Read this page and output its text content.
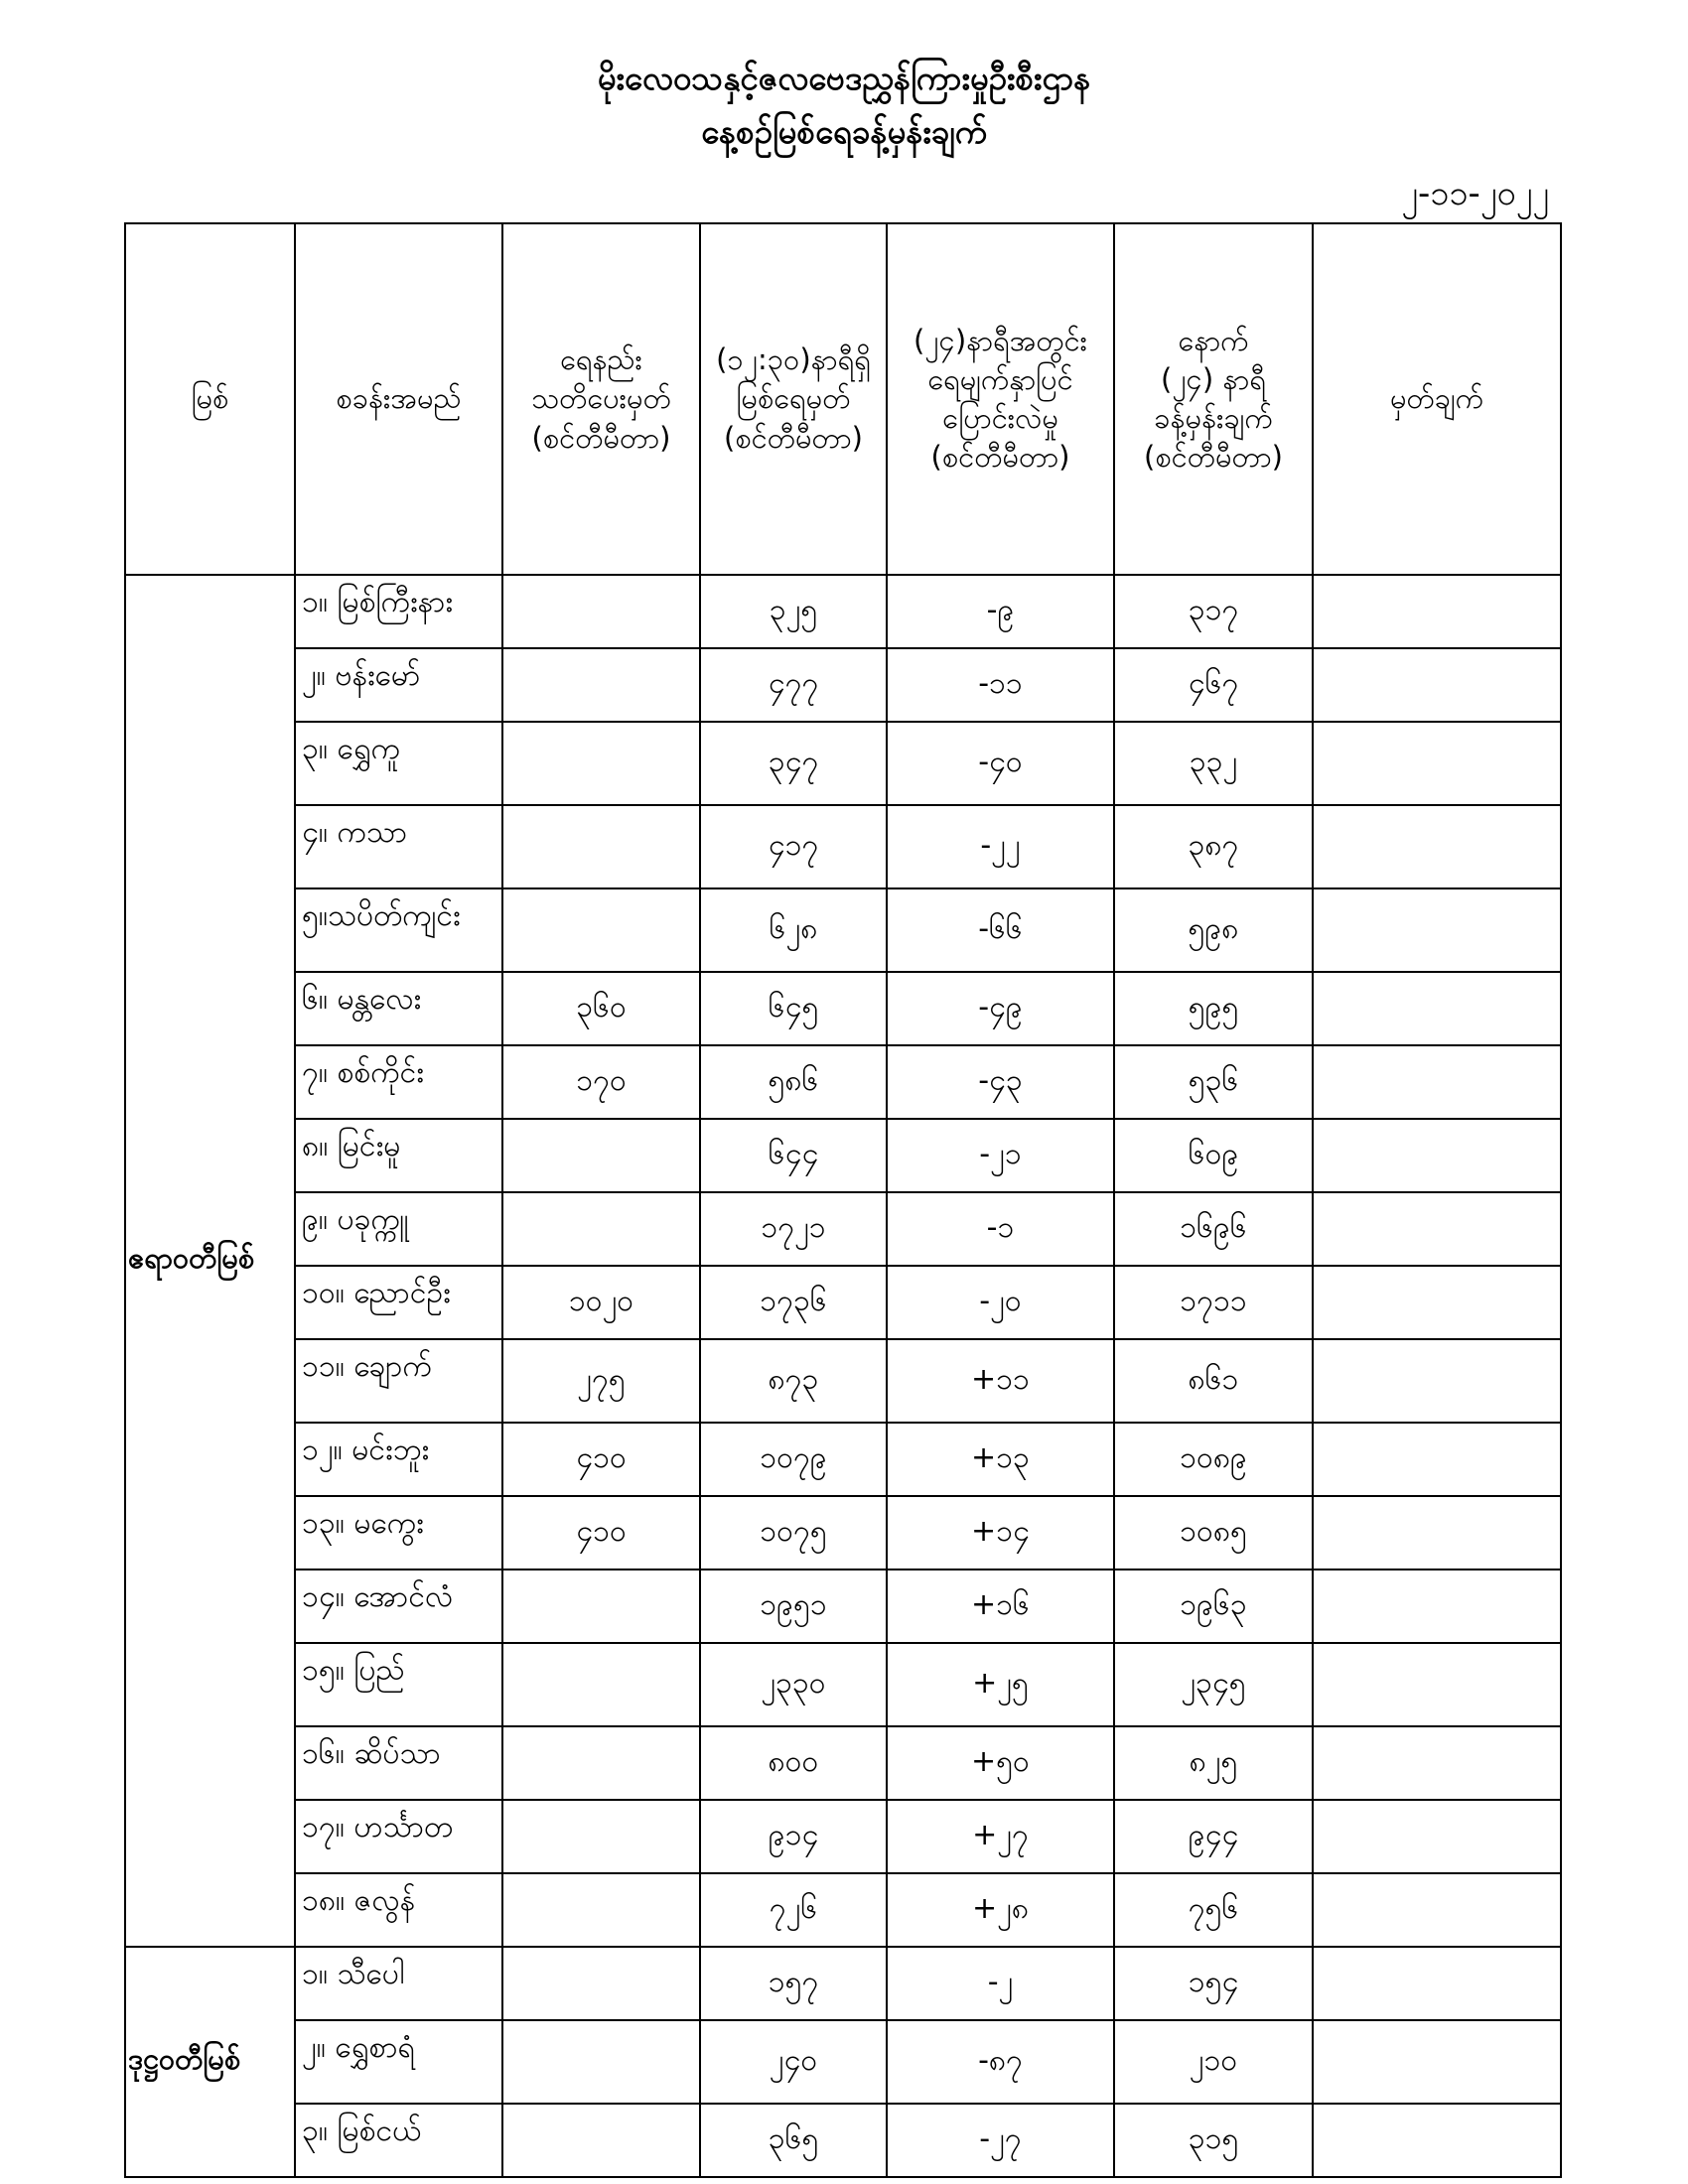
မိုးလေဝသနှင့်ဇလဗေဒညွှန်ကြားမှုဦးစီးဌာန
နေ့စဉ်မြစ်ရေခန့်မှန်းချက်
၂-၁၁-၂၀၂၂
မြစ်	စခန်းအမည်	ရေနည်း
သတိပေးမှတ်
(စင်တီမီတာ)	(၁၂:၃၀)နာရီရှိ
မြစ်ရေမှတ်
(စင်တီမီတာ)	(၂၄)နာရီအတွင်း
ရေမျက်နှာပြင်
ပြောင်းလဲမှု
(စင်တီမီတာ)	နောက်
(၂၄) နာရီ
ခန့်မှန်းချက်
(စင်တီမီတာ)	မှတ်ချက်
ဧရာဝတီမြစ်	၁။ မြစ်ကြီးနား		၃၂၅	-၉	၃၁၇	
	၂။ ဗန်းမော်		၄၇၇	-၁၁	၄၆၇	
	၃။ ရွှေကူ		၃၄၇	-၄၀	၃၃၂	
	၄။ ကသာ		၄၁၇	-၂၂	၃၈၇	
	၅။သပိတ်ကျင်း		၆၂၈	-၆၆	၅၉၈	
	၆။ မန္တလေး	၃၆၀	၆၄၅	-၄၉	၅၉၅	
	၇။ စစ်ကိုင်း	၁၇၀	၅၈၆	-၄၃	၅၃၆	
	၈။ မြင်းမူ		၆၄၄	-၂၁	၆၀၉	
	၉။ ပခုက္ကူ		၁၇၂၁	-၁	၁၆၉၆	
	၁၀။ ညောင်ဦး	၁၀၂၀	၁၇၃၆	-၂၀	၁၇၁၁	
	၁၁။ ချောက်	၂၇၅	၈၇၃	+၁၁	၈၆၁	
	၁၂။ မင်းဘူး	၄၁၀	၁၀၇၉	+၁၃	၁၀၈၉	
	၁၃။ မကွေး	၄၁၀	၁၀၇၅	+၁၄	၁၀၈၅	
	၁၄။ အောင်လံ		၁၉၅၁	+၁၆	၁၉၆၃	
	၁၅။ ပြည်		၂၃၃၀	+၂၅	၂၃၄၅	
	၁၆။ ဆိပ်သာ		၈၀၀	+၅၀	၈၂၅	
	၁၇။ ဟင်္သာတ		၉၁၄	+၂၇	၉၄၄	
	၁၈။ ဇလွန်		၇၂၆	+၂၈	၇၅၆	
ဒုဋ္ဌဝတီမြစ်	၁။ သီပေါ		၁၅၇	-၂	၁၅၄	
	၂။ ရွှေစာရံ		၂၄၀	-၈၇	၂၁၀	
	၃။ မြစ်ငယ်		၃၆၅	-၂၇	၃၁၅	
